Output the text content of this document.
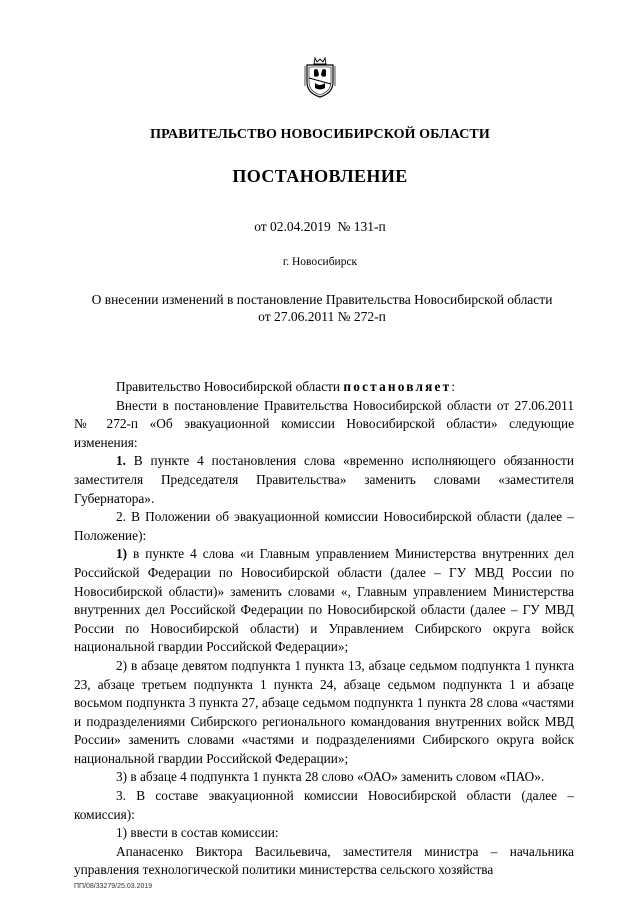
ПРАВИТЕЛЬСТВО НОВОСИБИРСКОЙ ОБЛАСТИ
ПОСТАНОВЛЕНИЕ
от 02.04.2019  № 131-п
г. Новосибирск
О внесении изменений в постановление Правительства Новосибирской области
от 27.06.2011 № 272-п

Правительство Новосибирской области постановляет:

Внести в постановление Правительства Новосибирской области от 27.06.2011 № 272-п «Об эвакуационной комиссии Новосибирской области» следующие изменения:

1. В пункте 4 постановления слова «временно исполняющего обязанности заместителя Председателя Правительства» заменить словами «заместителя Губернатора».

2. В Положении об эвакуационной комиссии Новосибирской области (далее – Положение):

1) в пункте 4 слова «и Главным управлением Министерства внутренних дел Российской Федерации по Новосибирской области (далее – ГУ МВД России по Новосибирской области)» заменить словами «, Главным управлением Министерства внутренних дел Российской Федерации по Новосибирской области (далее – ГУ МВД России по Новосибирской области) и Управлением Сибирского округа войск национальной гвардии Российской Федерации»;

2) в абзаце девятом подпункта 1 пункта 13, абзаце седьмом подпункта 1 пункта 23, абзаце третьем подпункта 1 пункта 24, абзаце седьмом подпункта 1 и абзаце восьмом подпункта 3 пункта 27, абзаце седьмом подпункта 1 пункта 28 слова «частями и подразделениями Сибирского регионального командования внутренних войск МВД России» заменить словами «частями и подразделениями Сибирского округа войск национальной гвардии Российской Федерации»;

3) в абзаце 4 подпункта 1 пункта 28 слово «ОАО» заменить словом «ПАО».

3. В составе эвакуационной комиссии Новосибирской области (далее – комиссия):

1) ввести в состав комиссии:

Апанасенко Виктора Васильевича, заместителя министра – начальника управления технологической политики министерства сельского хозяйства

ПП/08/33279/25.03.2019
